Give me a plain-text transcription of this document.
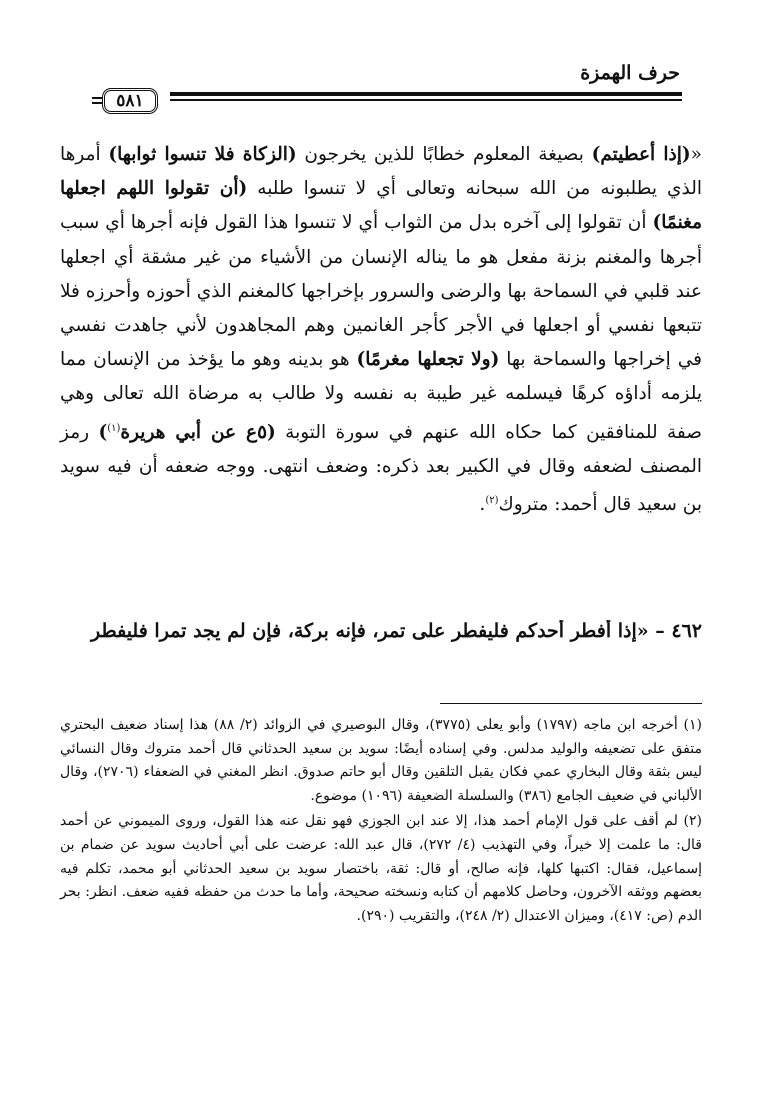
حرف الهمزة
٥٨١

«(إذا أعطيتم) بصيغة المعلوم خطابًا للذين يخرجون (الزكاة فلا تنسوا ثوابها) أمرها الذي يطلبونه من الله سبحانه وتعالى أي لا تنسوا طلبه (أن تقولوا اللهم اجعلها مغنمًا) أن تقولوا إلى آخره بدل من الثواب أي لا تنسوا هذا القول فإنه أجرها أي سبب أجرها والمغنم بزنة مفعل هو ما يناله الإنسان من الأشياء من غير مشقة أي اجعلها عند قلبي في السماحة بها والرضى والسرور بإخراجها كالمغنم الذي أحوزه وأحرزه فلا تتبعها نفسي أو اجعلها في الأجر كأجر الغانمين وهم المجاهدون لأني جاهدت نفسي في إخراجها والسماحة بها (ولا تجعلها مغرمًا) هو بدينه وهو ما يؤخذ من الإنسان مما يلزمه أداؤه كرهًا فيسلمه غير طيبة به نفسه ولا طالب به مرضاة الله تعالى وهي صفة للمنافقين كما حكاه الله عنهم في سورة التوبة (٥ع عن أبي هريرة$^{(١)}$) رمز المصنف لضعفه وقال في الكبير بعد ذكره: وضعف انتهى. ووجه ضعفه أن فيه سويد بن سعيد قال أحمد: متروك$^{(٢)}$.

٤٦٢ – «إذا أفطر أحدكم فليفطر على تمر، فإنه بركة، فإن لم يجد تمرا فليفطر

(١) أخرجه ابن ماجه (١٧٩٧) وأبو يعلى (٣٧٧٥)، وقال البوصيري في الزوائد (٢/ ٨٨) هذا إسناد ضعيف البحتري متفق على تضعيفه والوليد مدلس. وفي إسناده أيضًا: سويد بن سعيد الحدثاني قال أحمد متروك وقال النسائي ليس بثقة وقال البخاري عمي فكان يقبل التلقين وقال أبو حاتم صدوق. انظر المغني في الضعفاء (٢٧٠٦)، وقال الألباني في ضعيف الجامع (٣٨٦) والسلسلة الضعيفة (١٠٩٦) موضوع.

(٢) لم أقف على قول الإمام أحمد هذا، إلا عند ابن الجوزي فهو نقل عنه هذا القول، وروى الميموني عن أحمد قال: ما علمت إلا خيراً، وفي التهذيب (٤/ ٢٧٢)، قال عبد الله: عرضت على أبي أحاديث سويد عن ضمام بن إسماعيل، فقال: اكتبها كلها، فإنه صالح، أو قال: ثقة، باختصار سويد بن سعيد الحدثاني أبو محمد، تكلم فيه بعضهم ووثقه الآخرون، وحاصل كلامهم أن كتابه ونسخته صحيحة، وأما ما حدث من حفظه ففيه ضعف. انظر: بحر الدم (ص: ٤١٧)، وميزان الاعتدال (٢/ ٢٤٨)، والتقريب (٢٩٠).
